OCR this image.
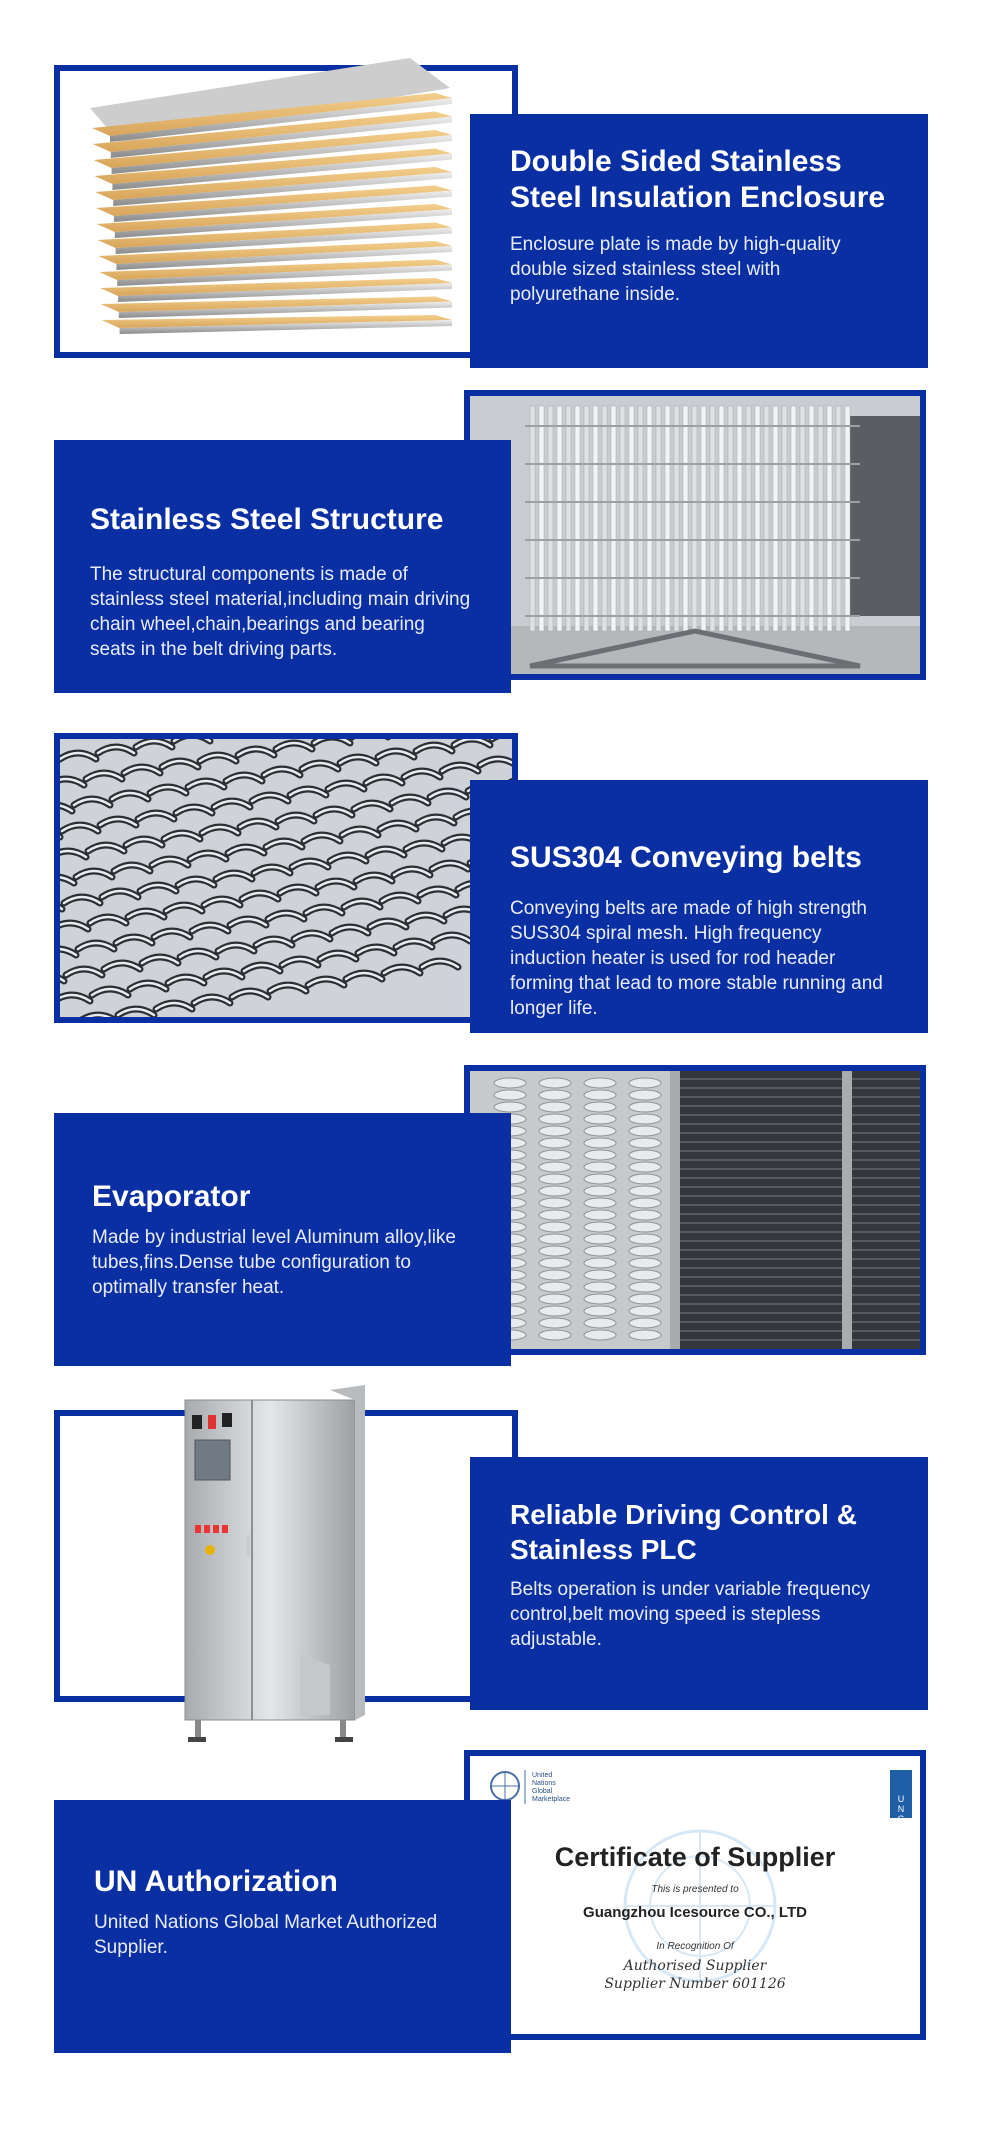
Double Sided Stainless Steel Insulation Enclosure

Enclosure plate is made by high-quality double sized stainless steel with polyurethane inside.

Stainless Steel Structure

The structural components is made of stainless steel material,including main driving chain wheel,chain,bearings and bearing seats in the belt driving parts.

SUS304 Conveying belts

Conveying belts are made of high strength SUS304 spiral mesh. High frequency induction heater is used for rod header forming that lead to more stable running and longer life.

Evaporator

Made by industrial level Aluminum alloy,like tubes,fins.Dense tube configuration to optimally transfer heat.

Reliable Driving Control & Stainless PLC

Belts operation is under variable frequency control,belt moving speed is stepless adjustable.

United
Nations
Global
Marketplace	U
N
G
M
Certificate of Supplier
This is presented to
Guangzhou Icesource CO., LTD
In Recognition Of
Authorised Supplier
Supplier Number 601126
UN Authorization

United Nations Global Market Authorized Supplier.
